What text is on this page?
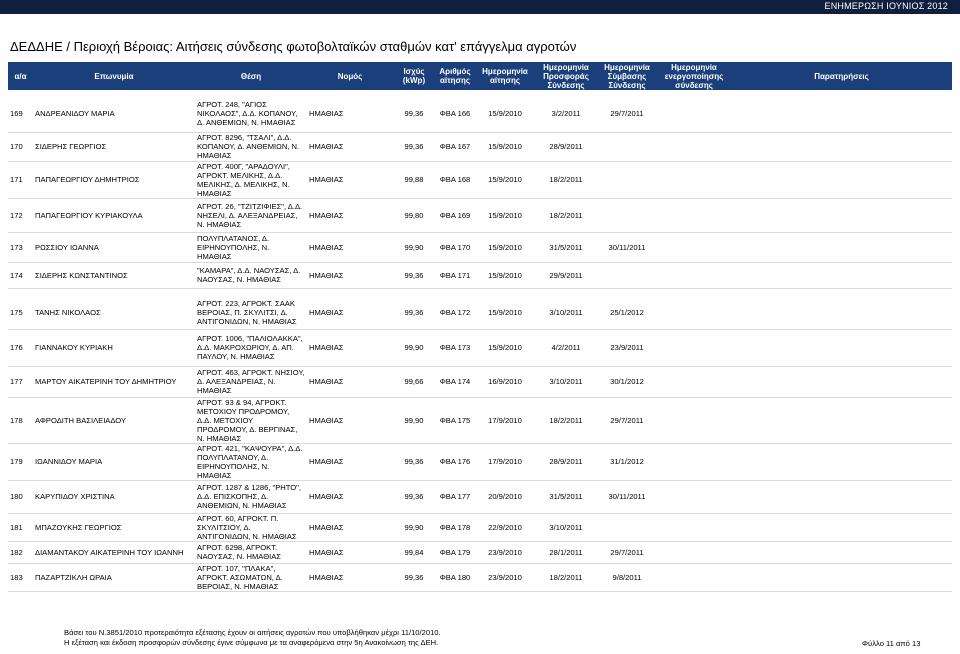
ΕΝΗΜΕΡΩΣΗ ΙΟΥΝΙΟΣ 2012
ΔΕΔΔΗΕ / Περιοχή Βέροιας: Αιτήσεις σύνδεσης φωτοβολταϊκών σταθμών κατ' επάγγελμα αγροτών
α/α	Επωνυμία	Θέση	Νομός	Ισχύς (kWp)	Αριθμός αίτησης	Ημερομηνία αίτησης	Ημερομηνία Προσφοράς Σύνδεσης	Ημερομηνία Σύμβασης Σύνδεσης	Ημερομηνία ενεργοποίησης σύνδεσης	Παρατηρήσεις

169	ΑΝΔΡΕΑΝΙΔΟΥ ΜΑΡΙΑ	ΑΓΡΟΤ. 248, "ΑΓΙΟΣ ΝΙΚΟΛΑΟΣ", Δ.Δ. ΚΟΠΑΝΟΥ, Δ. ΑΝΘΕΜΙΩΝ, Ν. ΗΜΑΘΙΑΣ	ΗΜΑΘΙΑΣ	99,36	ΦΒΑ 166	15/9/2010	3/2/2011	29/7/2011		
170	ΣΙΔΕΡΗΣ ΓΕΩΡΓΙΟΣ	ΑΓΡΟΤ. 8296, "ΤΣΑΛΙ", Δ.Δ. ΚΟΠΑΝΟΥ, Δ. ΑΝΘΕΜΙΩΝ, Ν. ΗΜΑΘΙΑΣ	ΗΜΑΘΙΑΣ	99,36	ΦΒΑ 167	15/9/2010	28/9/2011			
171	ΠΑΠΑΓΕΩΡΓΙΟΥ ΔΗΜΗΤΡΙΟΣ	ΑΓΡΟΤ. 400Γ, "ΑΡΑΔΟΥΛΙ", ΑΓΡΟΚΤ. ΜΕΛΙΚΗΣ, Δ.Δ. ΜΕΛΙΚΗΣ, Δ. ΜΕΛΙΚΗΣ, Ν. ΗΜΑΘΙΑΣ	ΗΜΑΘΙΑΣ	99,88	ΦΒΑ 168	15/9/2010	18/2/2011			
172	ΠΑΠΑΓΕΩΡΓΙΟΥ ΚΥΡΙΑΚΟΥΛΑ	ΑΓΡΟΤ. 26, "ΤΖΙΤΖΙΦΙΕΣ", Δ.Δ. ΝΗΣΕΛΙ, Δ. ΑΛΕΞΑΝΔΡΕΙΑΣ, Ν. ΗΜΑΘΙΑΣ	ΗΜΑΘΙΑΣ	99,80	ΦΒΑ 169	15/9/2010	18/2/2011			
173	ΡΩΣΣΙΟΥ ΙΩΑΝΝΑ	ΠΟΛΥΠΛΑΤΑΝΟΣ, Δ. ΕΙΡΗΝΟΥΠΟΛΗΣ, Ν. ΗΜΑΘΙΑΣ	ΗΜΑΘΙΑΣ	99,90	ΦΒΑ 170	15/9/2010	31/5/2011	30/11/2011		
174	ΣΙΔΕΡΗΣ ΚΩΝΣΤΑΝΤΙΝΟΣ	"ΚΑΜΑΡΑ", Δ.Δ. ΝΑΟΥΣΑΣ, Δ. ΝΑΟΥΣΑΣ, Ν. ΗΜΑΘΙΑΣ	ΗΜΑΘΙΑΣ	99,36	ΦΒΑ 171	15/9/2010	29/9/2011			

175	ΤΑΝΗΣ ΝΙΚΟΛΑΟΣ	ΑΓΡΟΤ. 223, ΑΓΡΟΚΤ. ΣΑΑΚ ΒΕΡΟΙΑΣ, Π. ΣΚΥΛΙΤΣΙ, Δ. ΑΝΤΙΓΟΝΙΔΩΝ, Ν. ΗΜΑΘΙΑΣ	ΗΜΑΘΙΑΣ	99,36	ΦΒΑ 172	15/9/2010	3/10/2011	25/1/2012		
176	ΓΙΑΝΝΑΚΟΥ ΚΥΡΙΑΚΗ	ΑΓΡΟΤ. 1006, "ΠΑΛΙΟΛΑΚΚΑ", Δ.Δ. ΜΑΚΡΟΧΩΡΙΟΥ, Δ. ΑΠ. ΠΑΥΛΟΥ, Ν. ΗΜΑΘΙΑΣ	ΗΜΑΘΙΑΣ	99,90	ΦΒΑ 173	15/9/2010	4/2/2011	23/9/2011		
177	ΜΑΡΤΟΥ ΑΙΚΑΤΕΡΙΝΗ ΤΟΥ ΔΗΜΗΤΡΙΟΥ	ΑΓΡΟΤ. 463, ΑΓΡΟΚΤ. ΝΗΣΙΟΥ, Δ. ΑΛΕΞΑΝΔΡΕΙΑΣ, Ν. ΗΜΑΘΙΑΣ	ΗΜΑΘΙΑΣ	99,66	ΦΒΑ 174	16/9/2010	3/10/2011	30/1/2012		
178	ΑΦΡΟΔΙΤΗ ΒΑΣΙΛΕΙΑΔΟΥ	ΑΓΡΟΤ. 93 & 94, ΑΓΡΟΚΤ. ΜΕΤΟΧΙΟΥ ΠΡΟΔΡΟΜΟΥ, Δ.Δ. ΜΕΤΟΧΙΟΥ ΠΡΟΔΡΟΜΟΥ, Δ. ΒΕΡΓΙΝΑΣ, Ν. ΗΜΑΘΙΑΣ	ΗΜΑΘΙΑΣ	99,90	ΦΒΑ 175	17/9/2010	18/2/2011	29/7/2011		
179	ΙΩΑΝΝΙΔΟΥ ΜΑΡΙΑ	ΑΓΡΟΤ. 421, "ΚΑΨΟΥΡΑ", Δ.Δ. ΠΟΛΥΠΛΑΤΑΝΟΥ, Δ. ΕΙΡΗΝΟΥΠΟΛΗΣ, Ν. ΗΜΑΘΙΑΣ	ΗΜΑΘΙΑΣ	99,36	ΦΒΑ 176	17/9/2010	28/9/2011	31/1/2012		
180	ΚΑΡΥΠΙΔΟΥ ΧΡΙΣΤΙΝΑ	ΑΓΡΟΤ. 1287 & 1286, "ΡΗΤΟ", Δ.Δ. ΕΠΙΣΚΟΠΗΣ, Δ. ΑΝΘΕΜΙΩΝ, Ν. ΗΜΑΘΙΑΣ	ΗΜΑΘΙΑΣ	99,36	ΦΒΑ 177	20/9/2010	31/5/2011	30/11/2011		
181	ΜΠΑΖΟΥΚΗΣ ΓΕΩΡΓΙΟΣ	ΑΓΡΟΤ. 60, ΑΓΡΟΚΤ. Π. ΣΚΥΛΙΤΣΙΟΥ, Δ. ΑΝΤΙΓΟΝΙΔΩΝ, Ν. ΗΜΑΘΙΑΣ	ΗΜΑΘΙΑΣ	99,90	ΦΒΑ 178	22/9/2010	3/10/2011			
182	ΔΙΑΜΑΝΤΑΚΟΥ ΑΙΚΑΤΕΡΙΝΗ ΤΟΥ ΙΩΑΝΝΗ	ΑΓΡΟΤ. 6298, ΑΓΡΟΚΤ. ΝΑΟΥΣΑΣ, Ν. ΗΜΑΘΙΑΣ	ΗΜΑΘΙΑΣ	99,84	ΦΒΑ 179	23/9/2010	28/1/2011	29/7/2011		
183	ΠΑΖΑΡΤΖΙΚΛΗ ΩΡΑΙΑ	ΑΓΡΟΤ. 107, "ΠΛΑΚΑ", ΑΓΡΟΚΤ. ΑΣΩΜΑΤΩΝ, Δ. ΒΕΡΟΙΑΣ, Ν. ΗΜΑΘΙΑΣ	ΗΜΑΘΙΑΣ	99,36	ΦΒΑ 180	23/9/2010	18/2/2011	9/8/2011		
Βάσει του Ν.3851/2010 προτεραιότητα εξέτασης έχουν οι αιτήσεις αγροτών που υποβλήθηκαν μέχρι 11/10/2010.
Η εξέταση και έκδοση προσφορών σύνδεσης έγινε σύμφωνα με τα αναφερόμενα στην 5η Ανακοίνωση της ΔΕΗ.	Φύλλο 11 από 13
